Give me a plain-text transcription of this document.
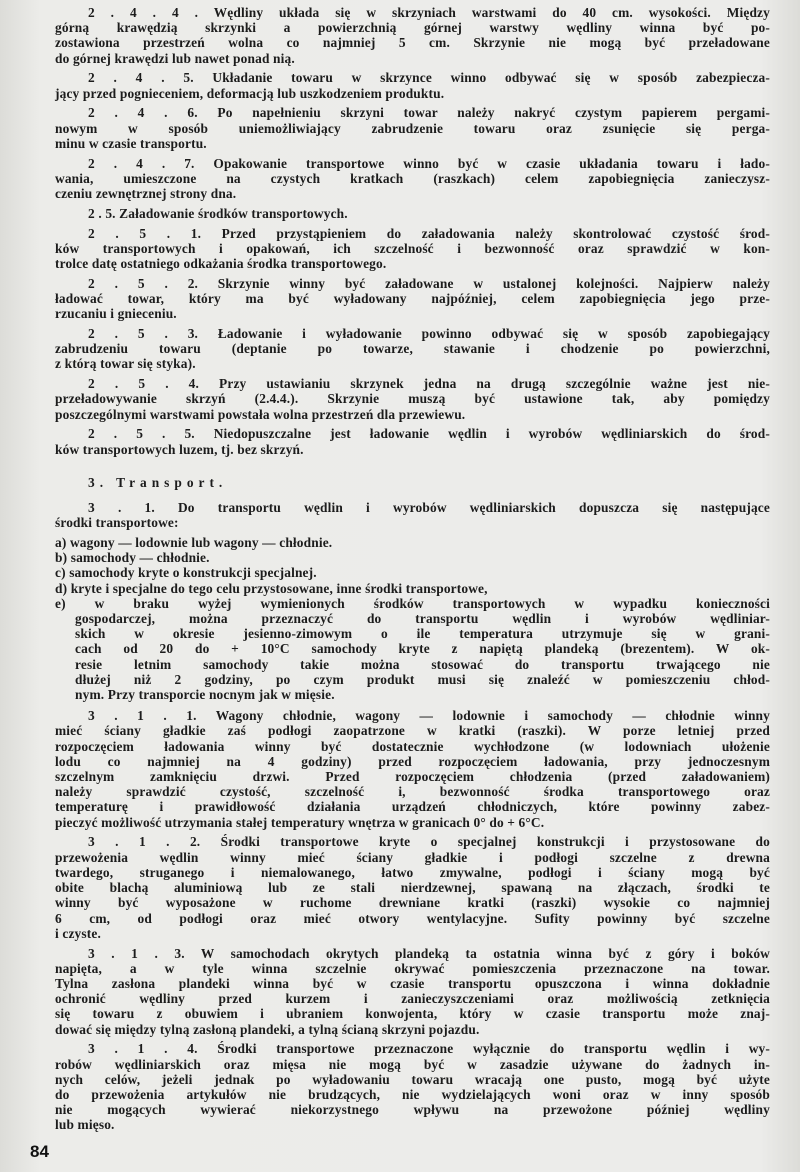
2 . 4 . 4 . Wędliny układa się w skrzyniach warstwami do 40 cm. wysokości. Między
górną krawędzią skrzynki a powierzchnią górnej warstwy wędliny winna być po-
zostawiona przestrzeń wolna co najmniej 5 cm. Skrzynie nie mogą być przeładowane
do górnej krawędzi lub nawet ponad nią.
2 . 4 . 5. Układanie towaru w skrzynce winno odbywać się w sposób zabezpiecza-
jący przed pognieceniem, deformacją lub uszkodzeniem produktu.
2 . 4 . 6. Po napełnieniu skrzyni towar należy nakryć czystym papierem pergami-
nowym w sposób uniemożliwiający zabrudzenie towaru oraz zsunięcie się perga-
minu w czasie transportu.
2 . 4 . 7. Opakowanie transportowe winno być w czasie układania towaru i łado-
wania, umieszczone na czystych kratkach (raszkach) celem zapobiegnięcia zanieczysz-
czeniu zewnętrznej strony dna.
2 . 5. Załadowanie środków transportowych.
2 . 5 . 1. Przed przystąpieniem do załadowania należy skontrolować czystość środ-
ków transportowych i opakowań, ich szczelność i bezwonność oraz sprawdzić w kon-
trolce datę ostatniego odkażania środka transportowego.
2 . 5 . 2. Skrzynie winny być załadowane w ustalonej kolejności. Najpierw należy
ładować towar, który ma być wyładowany najpóźniej, celem zapobiegnięcia jego prze-
rzucaniu i gnieceniu.
2 . 5 . 3. Ładowanie i wyładowanie powinno odbywać się w sposób zapobiegający
zabrudzeniu towaru (deptanie po towarze, stawanie i chodzenie po powierzchni,
z którą towar się styka).
2 . 5 . 4. Przy ustawianiu skrzynek jedna na drugą szczególnie ważne jest nie-
przeładowywanie skrzyń (2.4.4.). Skrzynie muszą być ustawione tak, aby pomiędzy
poszczególnymi warstwami powstała wolna przestrzeń dla przewiewu.
2 . 5 . 5. Niedopuszczalne jest ładowanie wędlin i wyrobów wędliniarskich do środ-
ków transportowych luzem, tj. bez skrzyń.
3. Transport.
3 . 1. Do transportu wędlin i wyrobów wędliniarskich dopuszcza się następujące
środki transportowe:
a) wagony — lodownie lub wagony — chłodnie.
b) samochody — chłodnie.
c) samochody kryte o konstrukcji specjalnej.
d) kryte i specjalne do tego celu przystosowane, inne środki transportowe,
e) w braku wyżej wymienionych środków transportowych w wypadku konieczności
gospodarczej, można przeznaczyć do transportu wędlin i wyrobów wędliniar-
skich w okresie jesienno-zimowym o ile temperatura utrzymuje się w grani-
cach od 20 do + 10°C samochody kryte z napiętą plandeką (brezentem). W ok-
resie letnim samochody takie można stosować do transportu trwającego nie
dłużej niż 2 godziny, po czym produkt musi się znaleźć w pomieszczeniu chłod-
nym. Przy transporcie nocnym jak w mięsie.
3 . 1 . 1. Wagony chłodnie, wagony — lodownie i samochody — chłodnie winny
mieć ściany gładkie zaś podłogi zaopatrzone w kratki (raszki). W porze letniej przed
rozpoczęciem ładowania winny być dostatecznie wychłodzone (w lodowniach ułożenie
lodu co najmniej na 4 godziny) przed rozpoczęciem ładowania, przy jednoczesnym
szczelnym zamknięciu drzwi. Przed rozpoczęciem chłodzenia (przed załadowaniem)
należy sprawdzić czystość, szczelność i, bezwonność środka transportowego oraz
temperaturę i prawidłowość działania urządzeń chłodniczych, które powinny zabez-
pieczyć możliwość utrzymania stałej temperatury wnętrza w granicach 0° do + 6°C.
3 . 1 . 2. Środki transportowe kryte o specjalnej konstrukcji i przystosowane do
przewożenia wędlin winny mieć ściany gładkie i podłogi szczelne z drewna
twardego, struganego i niemalowanego, łatwo zmywalne, podłogi i ściany mogą być
obite blachą aluminiową lub ze stali nierdzewnej, spawaną na złączach, środki te
winny być wyposażone w ruchome drewniane kratki (raszki) wysokie co najmniej
6 cm, od podłogi oraz mieć otwory wentylacyjne. Sufity powinny być szczelne
i czyste.
3 . 1 . 3. W samochodach okrytych plandeką ta ostatnia winna być z góry i boków
napięta, a w tyle winna szczelnie okrywać pomieszczenia przeznaczone na towar.
Tylna zasłona plandeki winna być w czasie transportu opuszczona i winna dokładnie
ochronić wędliny przed kurzem i zanieczyszczeniami oraz możliwością zetknięcia
się towaru z obuwiem i ubraniem konwojenta, który w czasie transportu może znaj-
dować się między tylną zasłoną plandeki, a tylną ścianą skrzyni pojazdu.
3 . 1 . 4. Środki transportowe przeznaczone wyłącznie do transportu wędlin i wy-
robów wędliniarskich oraz mięsa nie mogą być w zasadzie używane do żadnych in-
nych celów, jeżeli jednak po wyładowaniu towaru wracają one pusto, mogą być użyte
do przewożenia artykułów nie brudzących, nie wydzielających woni oraz w inny sposób
nie mogących wywierać niekorzystnego wpływu na przewożone później wędliny
lub mięso.
84
